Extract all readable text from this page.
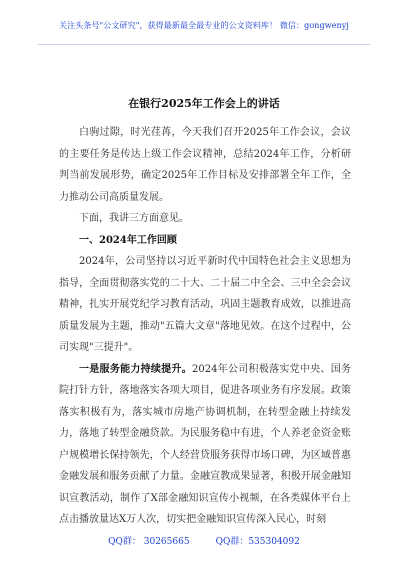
关注头条号"公文研究"，获得最新最全最专业的公文资料库！ 微信：gongwenyj
在银行2025年工作会上的讲话

白驹过隙，时光荏苒，今天我们召开2025年工作会议，会议的主要任务是传达上级工作会议精神，总结2024年工作，分析研判当前发展形势，确定2025年工作目标及安排部署全年工作，全力推动公司高质量发展。

下面，我讲三方面意见。

一、2024年工作回顾

2024年，公司坚持以习近平新时代中国特色社会主义思想为指导，全面贯彻落实党的二十大、二十届二中全会、三中全会会议精神，扎实开展党纪学习教育活动，巩固主题教育成效，以推进高质量发展为主题，推动"五篇大文章"落地见效。在这个过程中，公司实现"三提升"。

一是服务能力持续提升。2024年公司积极落实党中央、国务院打针方针，落地落实各项大项目，促进各项业务有序发展。政策落实积极有为，落实城市房地产协调机制，在转型金融上持续发力，落地了转型金融贷款。为民服务稳中有进，个人养老金资金账户规模增长保持领先，个人经营贷服务获得市场口碑，为区域普惠金融发展和服务贡献了力量。金融宣教成果显著，积极开展金融知识宣教活动，制作了X部金融知识宣传小视频，在各类媒体平台上点击播放量达X万人次，切实把金融知识宣传深入民心，时刻

QQ群： 30265665	QQ群：535304092
